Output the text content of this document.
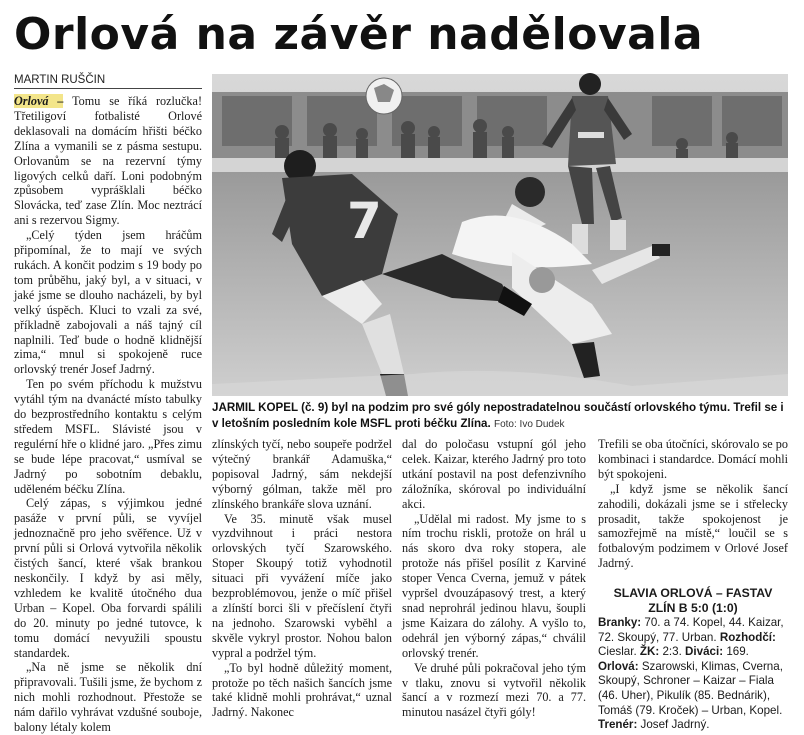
Orlová na závěr nadělovala
MARTIN RUŠČIN

Orlová – Tomu se říká rozlučka! Třetiligoví fotbalisté Orlové deklasovali na domácím hřišti béčko Zlína a vymanili se z pásma sestupu. Orlovanům se na rezervní týmy ligových celků daří. Loni podobným způsobem vyprášklali béčko Slovácka, teď zase Zlín. Moc neztrácí ani s rezervou Sigmy.

„Celý týden jsem hráčům připomínal, že to mají ve svých rukách. A končit podzim s 19 body po tom průběhu, jaký byl, a v situaci, v jaké jsme se dlouho nacházeli, by byl velký úspěch. Kluci to vzali za své, příkladně zabojovali a náš tajný cíl naplnili. Teď bude o hodně klidnější zima,“ mnul si spokojeně ruce orlovský trenér Josef Jadrný.

Ten po svém příchodu k mužstvu vytáhl tým na dvanácté místo tabulky do bezprostředního kontaktu s celým středem MSFL. Slávisté jsou v regulérní hře o klidné jaro. „Přes zimu se bude lépe pracovat,“ usmíval se Jadrný po sobotním debaklu, uděleném béčku Zlína.

Celý zápas, s výjimkou jedné pasáže v první půli, se vyvíjel jednoznačně pro jeho svěřence. Už v první půli si Orlová vytvořila několik čistých šancí, které však brankou neskončily. I když by asi měly, vzhledem ke kvalitě útočného dua Urban – Kopel. Oba forvardi spálili do 20. minuty po jedné tutovce, k tomu domácí nevyužili spoustu standardek.

„Na ně jsme se několik dní připravovali. Tušili jsme, že bychom z nich mohli rozhodnout. Přestože se nám dařilo vyhrávat vzdušné souboje, balony létaly kolem

7
JARMIL KOPEL (č. 9) byl na podzim pro své góly nepostradatelnou součástí orlovského týmu. Trefil se i v letošním posledním kole MSFL proti béčku Zlína. Foto: Ivo Dudek

zlínských tyčí, nebo soupeře podržel výtečný brankář Adamuška,“ popisoval Jadrný, sám nekdejší výborný gólman, takže měl pro zlínského brankáře slova uznání.

Ve 35. minutě však musel vyzdvihnout i práci nestora orlovských tyčí Szarowského. Stoper Skoupý totiž vyhodnotil situaci při vyvážení míče jako bezproblémovou, jenže o míč přišel a zlínští borci šli v přečíslení čtyři na jednoho. Szarowski vyběhl a skvěle vykryl prostor. Nohou balon vypral a podržel tým.

„To byl hodně důležitý moment, protože po těch našich šancích jsme také klidně mohli prohrávat,“ uznal Jadrný. Nakonec

dal do poločasu vstupní gól jeho celek. Kaizar, kterého Jadrný pro toto utkání postavil na post defenzivního záložníka, skóroval po individuální akci.

„Udělal mi radost. My jsme to s ním trochu riskli, protože on hrál u nás skoro dva roky stopera, ale protože nás přišel posílit z Karviné stoper Venca Cverna, jemuž v pátek vypršel dvouzápasový trest, a který snad neprohrál jedinou hlavu, šoupli jsme Kaizara do zálohy. A vyšlo to, odehrál jen výborný zápas,“ chválil orlovský trenér.

Ve druhé půli pokračoval jeho tým v tlaku, znovu si vytvořil několik šancí a v rozmezí mezi 70. a 77. minutou nasázel čtyři góly!

Trefili se oba útočníci, skórovalo se po kombinaci i standardce. Domácí mohli být spokojeni.

„I když jsme se několik šancí zahodili, dokázali jsme se i střelecky prosadit, takže spokojenost je samozřejmě na místě,“ loučil se s fotbalovým podzimem v Orlové Josef Jadrný.

SLAVIA ORLOVÁ – FASTAV
ZLÍN B 5:0 (1:0)

Branky: 70. a 74. Kopel, 44. Kaizar, 72. Skoupý, 77. Urban. Rozhodčí: Cieslar. ŽK: 2:3. Diváci: 169.

Orlová: Szarowski, Klimas, Cverna, Skoupý, Schroner – Kaizar – Fiala (46. Uher), Pikulík (85. Bednárik), Tomáš (79. Kroček) – Urban, Kopel. Trenér: Josef Jadrný.
